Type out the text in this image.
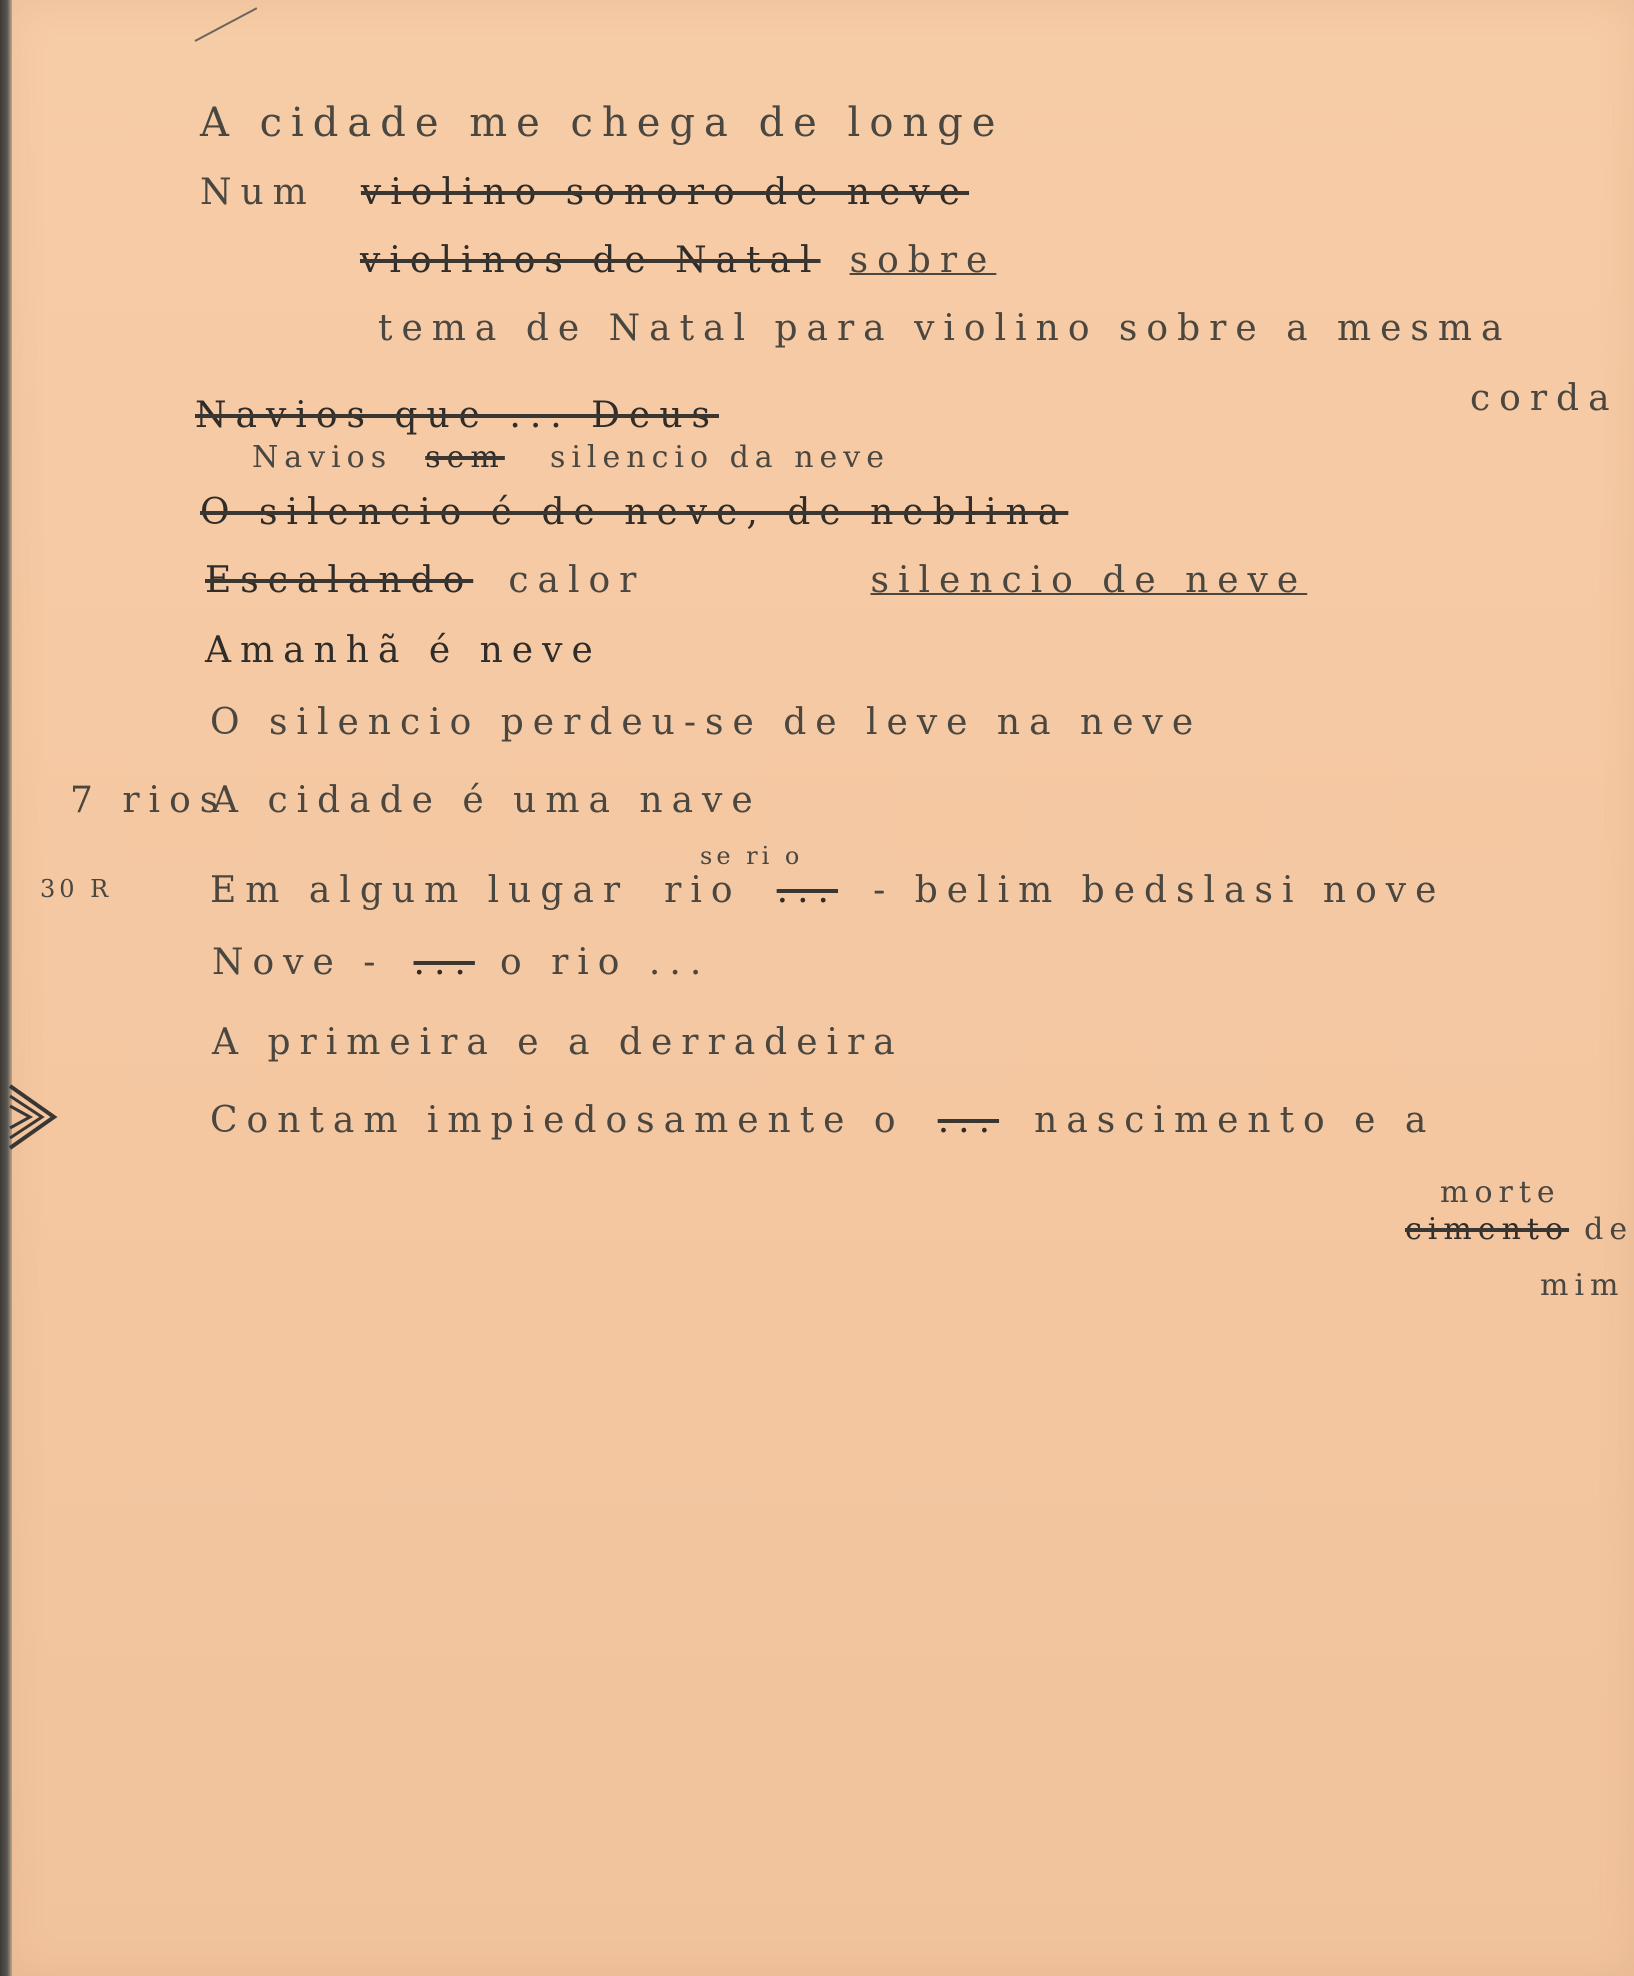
A cidade me chega de longe
Num violino sonoro de neve
violinos de Natal sobre
tema de Natal para violino sobre a mesma
corda
Navios que ... Deus
Navios sem silencio da neve
O silencio é de neve, de neblina
Escalando calor	silencio de neve
Amanhã é neve
O silencio perdeu-se de leve na neve
7 rios
A cidade é uma nave
30 R
se ri o
Em algum lugar rio ... - belim bedslasi nove
Nove - ... o rio ...
A primeira e a derradeira
Contam impiedosamente o ... nascimento e a
morte
cimento de
mim
